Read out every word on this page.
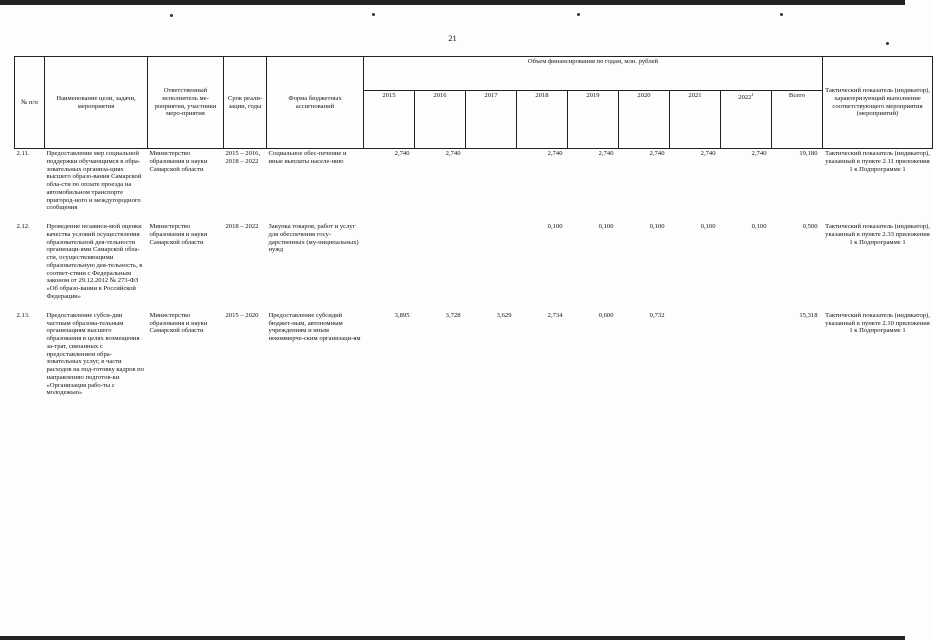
21
№ п/п	Наименование цели, задачи, мероприятия	Ответственный исполнитель ме-роприятия, участники меро-приятия	Срок реали-зации, годы	Форма бюджетных ассигнований	Объем финансирования по годам, млн. рублей									Тактический показатель (индикатор), характеризующий выполнение соответствующего мероприятия (мероприятий)
					2015	2016	2017	2018	2019	2020	2021	2022$^1$	Всего	
2.11.	Предоставление мер социальной поддержки обучающимся в обра-зовательных организа-циях высшего образо-вания Самарской обла-сти по оплате проезда на автомобильном транспорте пригород-ного и междугородного сообщения	Министерство образования и науки Самарской области	2015 – 2016, 2018 – 2022	Социальное обес-печение и иные выплаты населе-нию	2,740	2,740		2,740	2,740	2,740	2,740	2,740	19,180	Тактический показатель (индикатор), указанный в пункте 2.11 приложения 1 к Подпрограмме 1
2.12.	Проведение независи-мой оценки качества условий осуществления образовательной дея-тельности организаци-ями Самарской обла-сти, осуществляющими образовательную дея-тельность, в соответ-ствии с Федеральным законом от 29.12.2012 № 273-ФЗ «Об образо-вании в Российской Федерации»	Министерство образования и науки Самарской области	2018 – 2022	Закупка товаров, работ и услуг для обеспечения госу-дарственных (му-ниципальных) нужд				0,100	0,100	0,100	0,100	0,100	0,500	Тактический показатель (индикатор), указанный в пункте 2.33 приложения 1 к Подпрограмме 1
2.13.	Предоставление субси-дии частным образова-тельным организациям высшего образования в целях возмещения за-трат, связанных с предоставлением обра-зовательных услуг, в части расходов на под-готовку кадров по направлению подготов-ки «Организация рабо-ты с молодежью»	Министерство образования и науки Самарской области	2015 – 2020	Предоставление субсидий бюджет-ным, автономным учреждениям и иным некоммерче-ским организаци-ям	3,895	3,728	3,629	2,734	0,600	0,732			15,318	Тактический показатель (индикатор), указанный в пункте 2.10 приложения 1 к Подпрограмме 1
